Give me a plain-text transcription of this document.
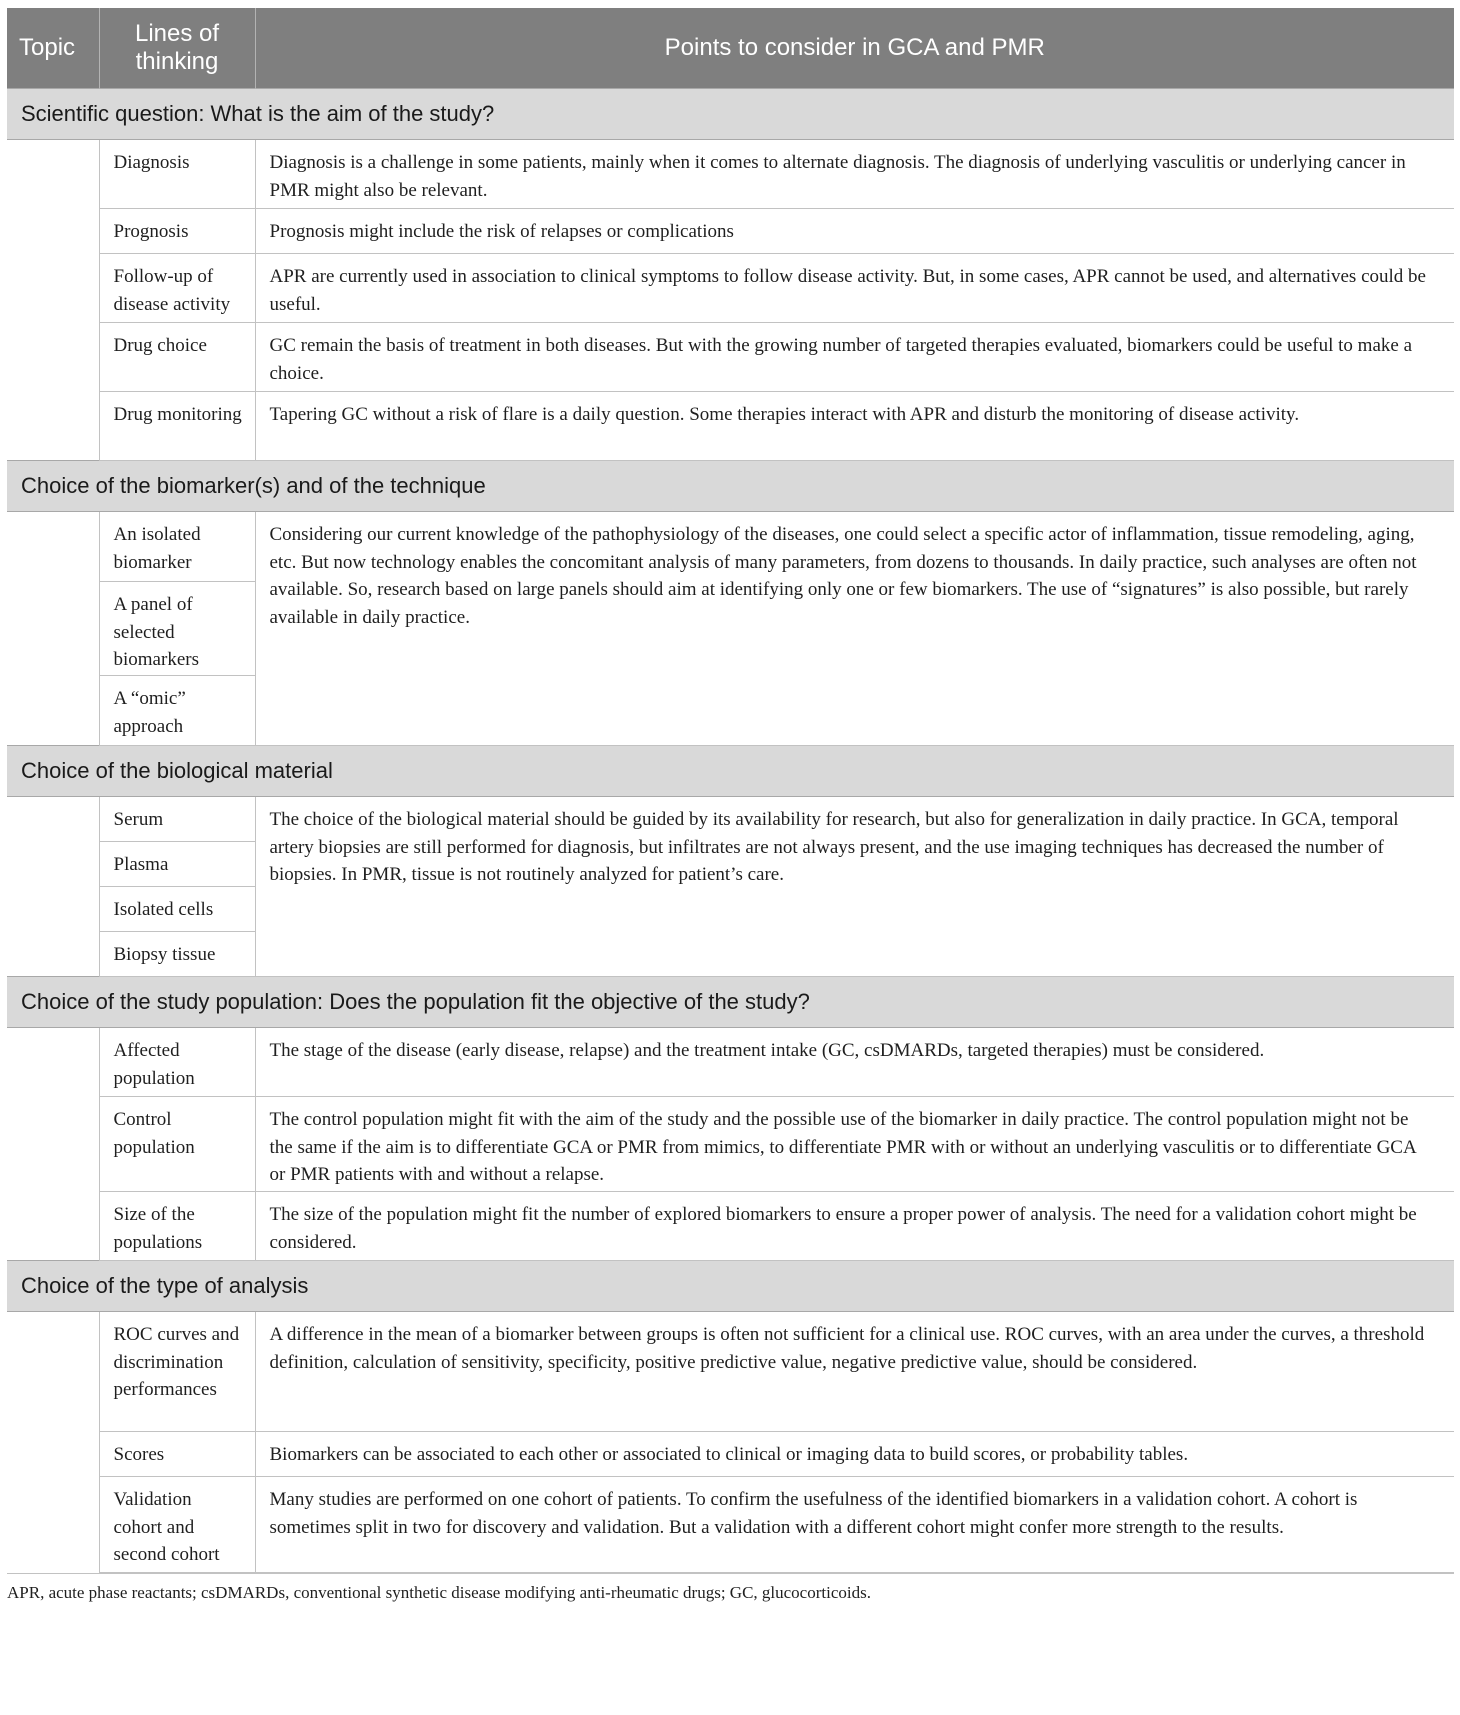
Topic	Lines of thinking	Points to consider in GCA and PMR
Scientific question: What is the aim of the study?		
	Diagnosis	Diagnosis is a challenge in some patients, mainly when it comes to alternate diagnosis. The diagnosis of underlying vasculitis or underlying cancer in PMR might also be relevant.
	Prognosis	Prognosis might include the risk of relapses or complications
	Follow-up of disease activity	APR are currently used in association to clinical symptoms to follow disease activity. But, in some cases, APR cannot be used, and alternatives could be useful.
	Drug choice	GC remain the basis of treatment in both diseases. But with the growing number of targeted therapies evaluated, biomarkers could be useful to make a choice.
	Drug monitoring	Tapering GC without a risk of flare is a daily question. Some therapies interact with APR and disturb the monitoring of disease activity.
Choice of the biomarker(s) and of the technique		
	An isolated biomarker	Considering our current knowledge of the pathophysiology of the diseases, one could select a specific actor of inflammation, tissue remodeling, aging, etc. But now technology enables the concomitant analysis of many parameters, from dozens to thousands. In daily practice, such analyses are often not available. So, research based on large panels should aim at identifying only one or few biomarkers. The use of “signatures” is also possible, but rarely available in daily practice.
	A panel of selected biomarkers	
	A “omic” approach	
Choice of the biological material		
	Serum	The choice of the biological material should be guided by its availability for research, but also for generalization in daily practice. In GCA, temporal artery biopsies are still performed for diagnosis, but infiltrates are not always present, and the use imaging techniques has decreased the number of biopsies. In PMR, tissue is not routinely analyzed for patient’s care.
	Plasma	
	Isolated cells	
	Biopsy tissue	
Choice of the study population: Does the population fit the objective of the study?		
	Affected population	The stage of the disease (early disease, relapse) and the treatment intake (GC, csDMARDs, targeted therapies) must be considered.
	Control population	The control population might fit with the aim of the study and the possible use of the biomarker in daily practice. The control population might not be the same if the aim is to differentiate GCA or PMR from mimics, to differentiate PMR with or without an underlying vasculitis or to differentiate GCA or PMR patients with and without a relapse.
	Size of the populations	The size of the population might fit the number of explored biomarkers to ensure a proper power of analysis. The need for a validation cohort might be considered.
Choice of the type of analysis		
	ROC curves and discrimination performances	A difference in the mean of a biomarker between groups is often not sufficient for a clinical use. ROC curves, with an area under the curves, a threshold definition, calculation of sensitivity, specificity, positive predictive value, negative predictive value, should be considered.
	Scores	Biomarkers can be associated to each other or associated to clinical or imaging data to build scores, or probability tables.
	Validation cohort and second cohort	Many studies are performed on one cohort of patients. To confirm the usefulness of the identified biomarkers in a validation cohort. A cohort is sometimes split in two for discovery and validation. But a validation with a different cohort might confer more strength to the results.
APR, acute phase reactants; csDMARDs, conventional synthetic disease modifying anti-rheumatic drugs; GC, glucocorticoids.
